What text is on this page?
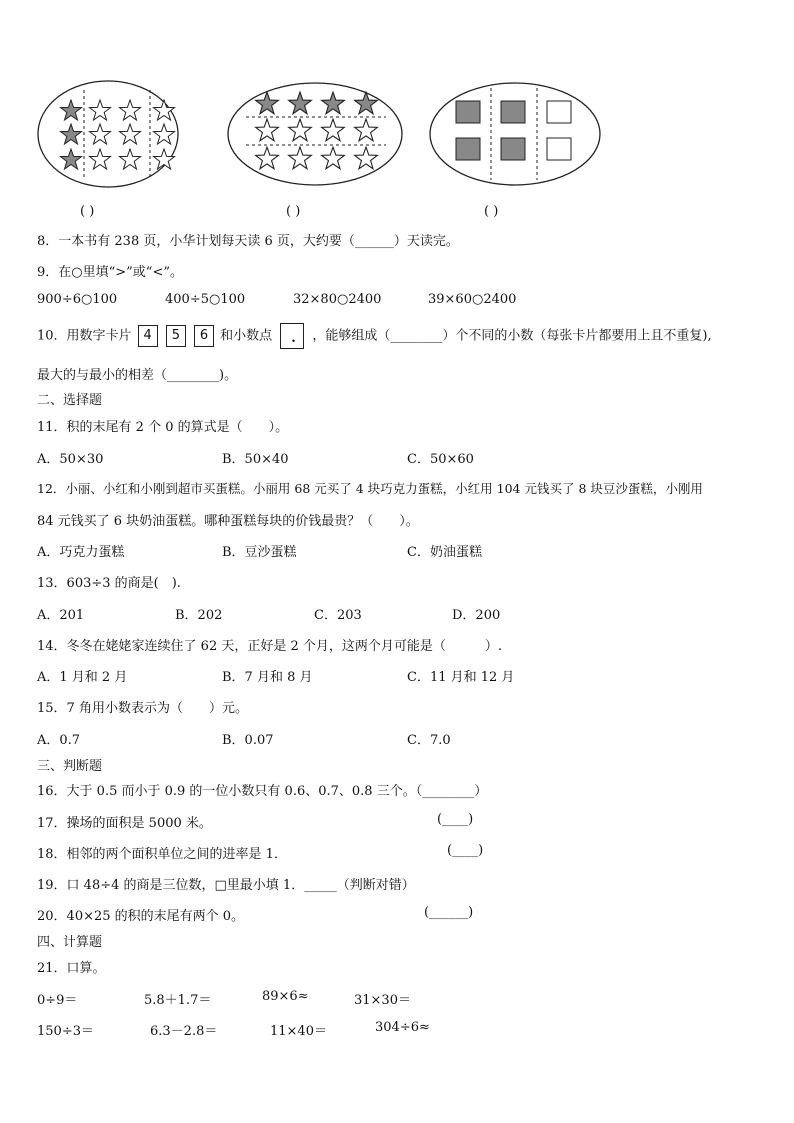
( )	( )	( )
8．一本书有 238 页，小华计划每天读 6 页，大约要（______）天读完。
9．在○里填“>”或“<”。
900÷6○100	400÷5○100	32×80○2400	39×60○2400
10．用数字卡片 4 5 6 和小数点 . ，能够组成（________）个不同的小数（每张卡片都要用上且不重复),
最大的与最小的相差（________)。
二、选择题
11．积的末尾有 2 个 0 的算式是（　　）。
A．50×30	B．50×40	C．50×60
12．小丽、小红和小刚到超市买蛋糕。小丽用 68 元买了 4 块巧克力蛋糕，小红用 104 元钱买了 8 块豆沙蛋糕，小刚用
84 元钱买了 6 块奶油蛋糕。哪种蛋糕每块的价钱最贵？（　　）。
A．巧克力蛋糕	B．豆沙蛋糕	C．奶油蛋糕
13．603÷3 的商是(　).
A．201	B．202	C．203	D．200
14．冬冬在姥姥家连续住了 62 天，正好是 2 个月，这两个月可能是（　　　）.
A．1 月和 2 月	B．7 月和 8 月	C．11 月和 12 月
15．7 角用小数表示为（　　）元。
A．0.7	B．0.07	C．7.0
三、判断题
16．大于 0.5 而小于 0.9 的一位小数只有 0.6、0.7、0.8 三个。（________）
17．操场的面积是 5000 米。	(____)
18．相邻的两个面积单位之间的进率是 1．	(____)
19．口 48÷4 的商是三位数，□里最小填 1．_____（判断对错）
20．40×25 的积的末尾有两个 0。	(______)
四、计算题
21．口算。
0÷9＝	5.8＋1.7＝	89×6≈	31×30＝
150÷3＝	6.3－2.8＝	11×40＝	304÷6≈
